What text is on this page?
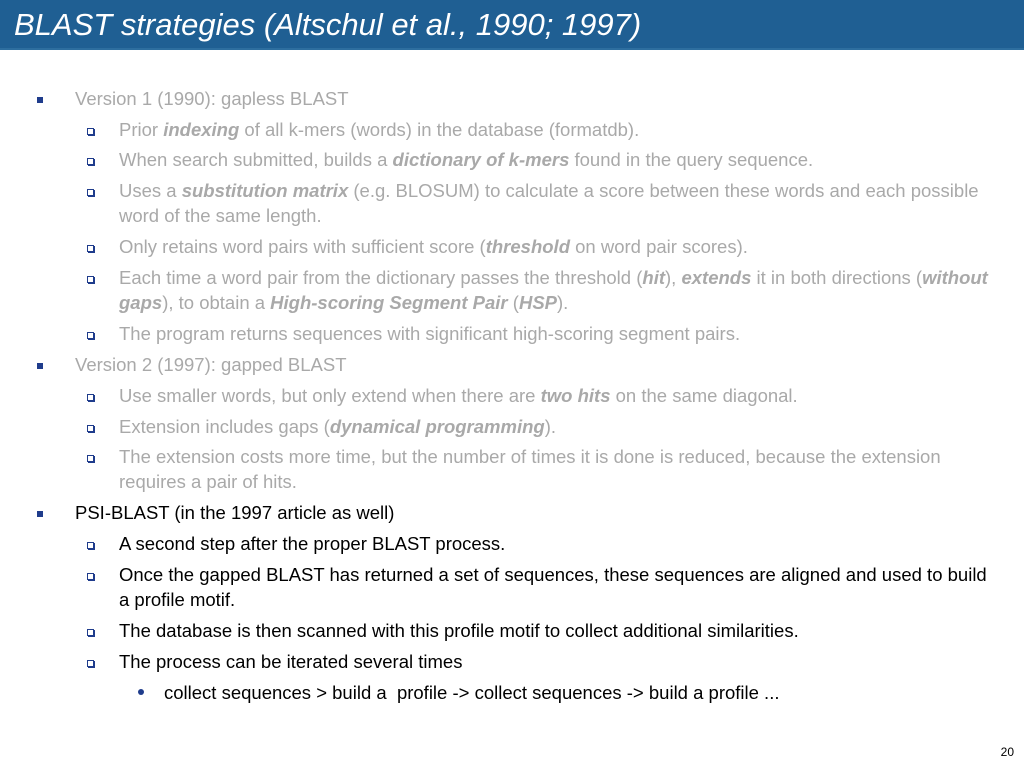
BLAST strategies (Altschul et al., 1990; 1997)
Version 1 (1990): gapless BLAST
Prior indexing of all k-mers (words) in the database (formatdb).
When search submitted, builds a dictionary of k-mers found in the query sequence.
Uses a substitution matrix (e.g. BLOSUM) to calculate a score between these words and each possible word of the same length.
Only retains word pairs with sufficient score (threshold on word pair scores).
Each time a word pair from the dictionary passes the threshold (hit), extends it in both directions (without gaps), to obtain a High-scoring Segment Pair (HSP).
The program returns sequences with significant high-scoring segment pairs.
Version 2 (1997): gapped BLAST
Use smaller words, but only extend when there are two hits on the same diagonal.
Extension includes gaps (dynamical programming).
The extension costs more time, but the number of times it is done is reduced, because the extension requires a pair of hits.
PSI-BLAST (in the 1997 article as well)
A second step after the proper BLAST process.
Once the gapped BLAST has returned a set of sequences, these sequences are aligned and used to build a profile motif.
The database is then scanned with this profile motif to collect additional similarities.
The process can be iterated several times
collect sequences > build a  profile -> collect sequences -> build a profile ...
20
